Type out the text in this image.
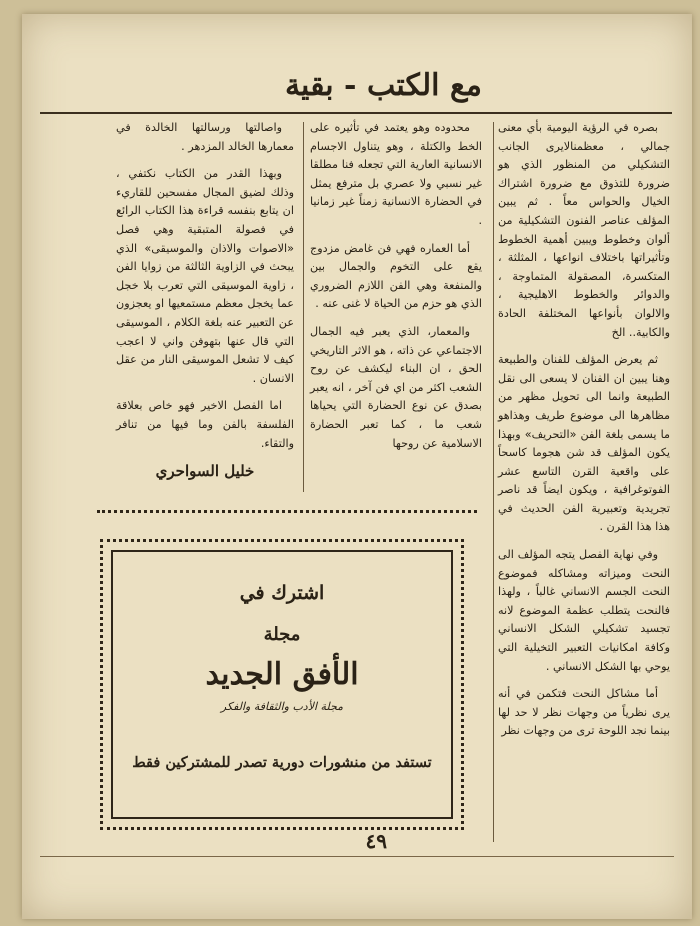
مع الكتب - بقية

بصره في الرؤية اليومية بأي معنى جمالي ، معظمنالايرى الجانب التشكيلي من المنظور الذي هو ضرورة للتذوق مع ضرورة اشتراك الخيال والحواس معاً . ثم يبين المؤلف عناصر الفنون التشكيلية من ألوان وخطوط ويبين أهمية الخطوط وتأثيراتها باختلاف انواعها ، المثلثة ، المتكسرة، المصقولة المتماوجة ، والدوائر والخطوط الاهليجية ، والالوان بأنواعها المختلفة الحادة والكابية.. الخ

ثم يعرض المؤلف للفنان والطبيعة وهنا يبين ان الفنان لا يسعى الى نقل الطبيعة وانما الى تحويل مظهر من مظاهرها الى موضوع طريف وهذاهو ما يسمى بلغة الفن «التحريف» وبهذا يكون المؤلف قد شن هجوما كاسحاً على واقعية القرن التاسع عشر الفوتوغرافية ، ويكون ايضاً قد ناصر تجريدية وتعبيرية الفن الحديث في هذا هذا القرن .

وفي نهاية الفصل يتجه المؤلف الى النحت وميزاته ومشاكله فموضوع النحت الجسم الانساني غالباً ، ولهذا فالنحت يتطلب عظمة الموضوع لانه تجسيد تشكيلي الشكل الانساني وكافة امكانيات التعبير التخيلية التي يوحي بها الشكل الانساني .

أما مشاكل النحت فتكمن في أنه يرى نظرياً من وجهات نظر لا حد لها بينما نجد اللوحة ترى من وجهات نظر

محدوده وهو يعتمد في تأثيره على الخط والكتلة ، وهو يتناول الاجسام الانسانية العارية التي تجعله فنا مطلقا غير نسبي ولا عصري بل مترفع يمثل في الحضارة الانسانية زمناً غير زمانيا .

أما العماره فهي فن غامض مزدوج يقع على التخوم والجمال بين والمنفعة وهي الفن اللازم الضروري الذي هو حزم من الحياة لا غنى عنه .

والمعمار، الذي يعبر فيه الجمال الاجتماعي عن ذاته ، هو الاثر التاريخي الحق ، ان البناء ليكشف عن روح الشعب اكثر من اي فن آخر ، انه يعبر بصدق عن نوع الحضارة التي يحياها شعب ما ، كما تعبر الحضارة الاسلامية عن روحها

واصالتها ورسالتها الخالدة في معمارها الخالد المزدهر .

وبهذا القدر من الكتاب نكتفي ، وذلك لضيق المجال مفسحين للقاريء ان يتابع بنفسه قراءة هذا الكتاب الرائع في فصولة المتبقية وهي فصل «الاصوات والاذان والموسيقى» الذي يبحث في الزاوية الثالثة من زوايا الفن ، زاوية الموسيقى التي تعرب بلا خجل عما يخجل معظم مستمعيها او يعجزون عن التعبير عنه بلغة الكلام ، الموسيقى التي قال عنها بتهوفن واني لا اعجب كيف لا تشعل الموسيقى النار من عقل الانسان .

اما الفصل الاخير فهو خاص بعلاقة الفلسفة بالفن وما فيها من تنافر والتقاء.

خليل السواحري
اشترك في
مجلة
الأفق الجديد
مجلة الأدب والثقافة والفكر
تستفد من منشورات دورية تصدر للمشتركين فقط
٤٩
